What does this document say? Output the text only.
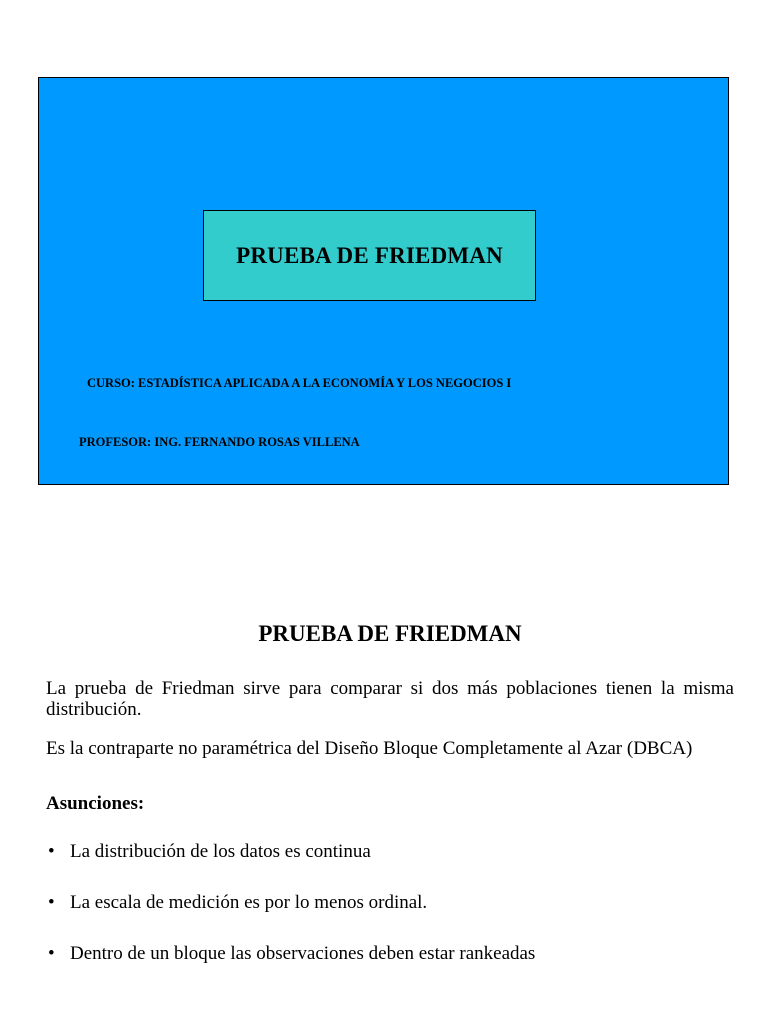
PRUEBA DE FRIEDMAN
CURSO: ESTADÍSTICA APLICADA A LA ECONOMÍA Y LOS NEGOCIOS I
PROFESOR: ING. FERNANDO ROSAS VILLENA
PRUEBA DE FRIEDMAN

La prueba de Friedman sirve para comparar si dos más poblaciones tienen la misma distribución.

Es la contraparte no paramétrica del Diseño Bloque Completamente al Azar (DBCA)

Asunciones:
• La distribución de los datos es continua
• La escala de medición es por lo menos ordinal.
• Dentro de un bloque las observaciones deben estar rankeadas
